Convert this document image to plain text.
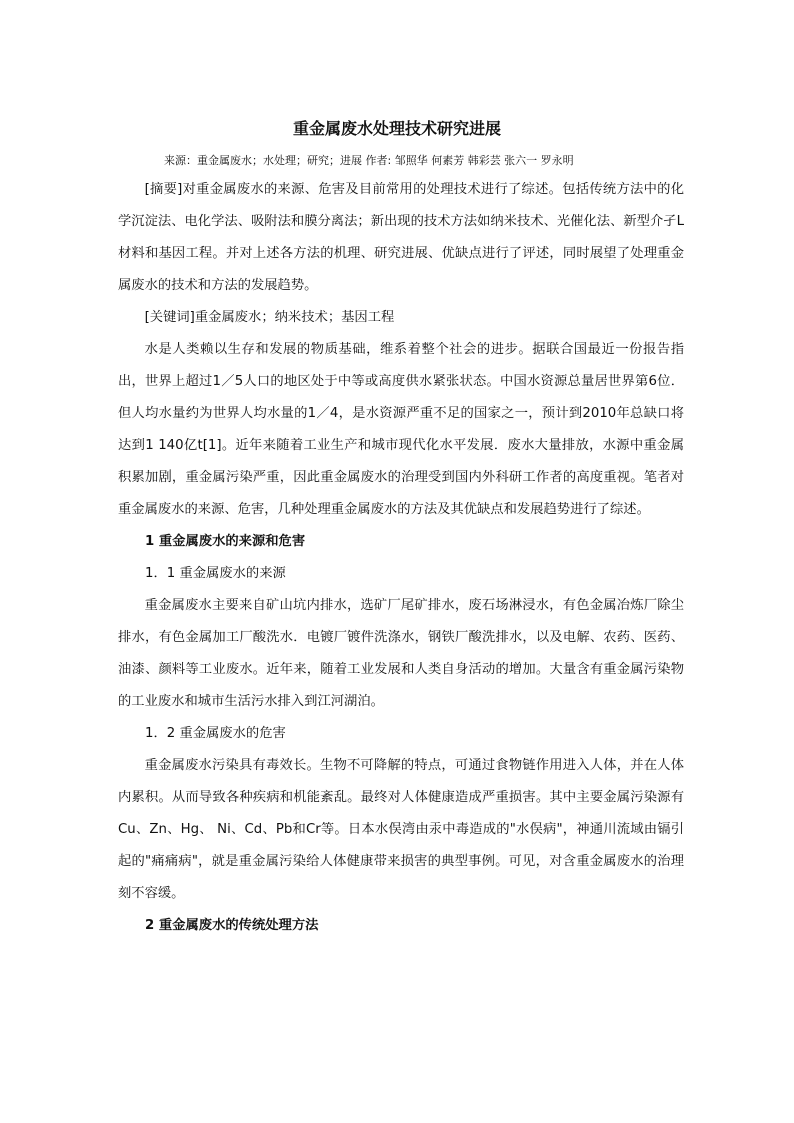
重金属废水处理技术研究进展

来源：重金属废水；水处理；研究；进展 作者: 邹照华 何素芳 韩彩芸 张六一 罗永明

[摘要]对重金属废水的来源、危害及目前常用的处理技术进行了综述。包括传统方法中的化学沉淀法、电化学法、吸附法和膜分离法；新出现的技术方法如纳米技术、光催化法、新型介孑L材料和基因工程。并对上述各方法的机理、研究进展、优缺点进行了评述，同时展望了处理重金属废水的技术和方法的发展趋势。

[关键词]重金属废水；纳米技术；基因工程

水是人类赖以生存和发展的物质基础，维系着整个社会的进步。据联合国最近一份报告指出，世界上超过1／5人口的地区处于中等或高度供水紧张状态。中国水资源总量居世界第6位．但人均水量约为世界人均水量的1／4，是水资源严重不足的国家之一，预计到2010年总缺口将达到1 140亿t[1]。近年来随着工业生产和城市现代化水平发展．废水大量排放，水源中重金属积累加剧，重金属污染严重，因此重金属废水的治理受到国内外科研工作者的高度重视。笔者对重金属废水的来源、危害，几种处理重金属废水的方法及其优缺点和发展趋势进行了综述。

1 重金属废水的来源和危害

1．1 重金属废水的来源

重金属废水主要来自矿山坑内排水，选矿厂尾矿排水，废石场淋浸水，有色金属冶炼厂除尘排水，有色金属加工厂酸洗水．电镀厂镀件洗涤水，钢铁厂酸洗排水，以及电解、农药、医药、油漆、颜料等工业废水。近年来，随着工业发展和人类自身活动的增加。大量含有重金属污染物的工业废水和城市生活污水排入到江河湖泊。

1．2 重金属废水的危害

重金属废水污染具有毒效长。生物不可降解的特点，可通过食物链作用进入人体，并在人体内累积。从而导致各种疾病和机能紊乱。最终对人体健康造成严重损害。其中主要金属污染源有Cu、Zn、Hg、 Ni、Cd、Pb和Cr等。日本水俣湾由汞中毒造成的"水俣病"，神通川流域由镉引起的"痛痛病"，就是重金属污染给人体健康带来损害的典型事例。可见，对含重金属废水的治理刻不容缓。

2 重金属废水的传统处理方法
